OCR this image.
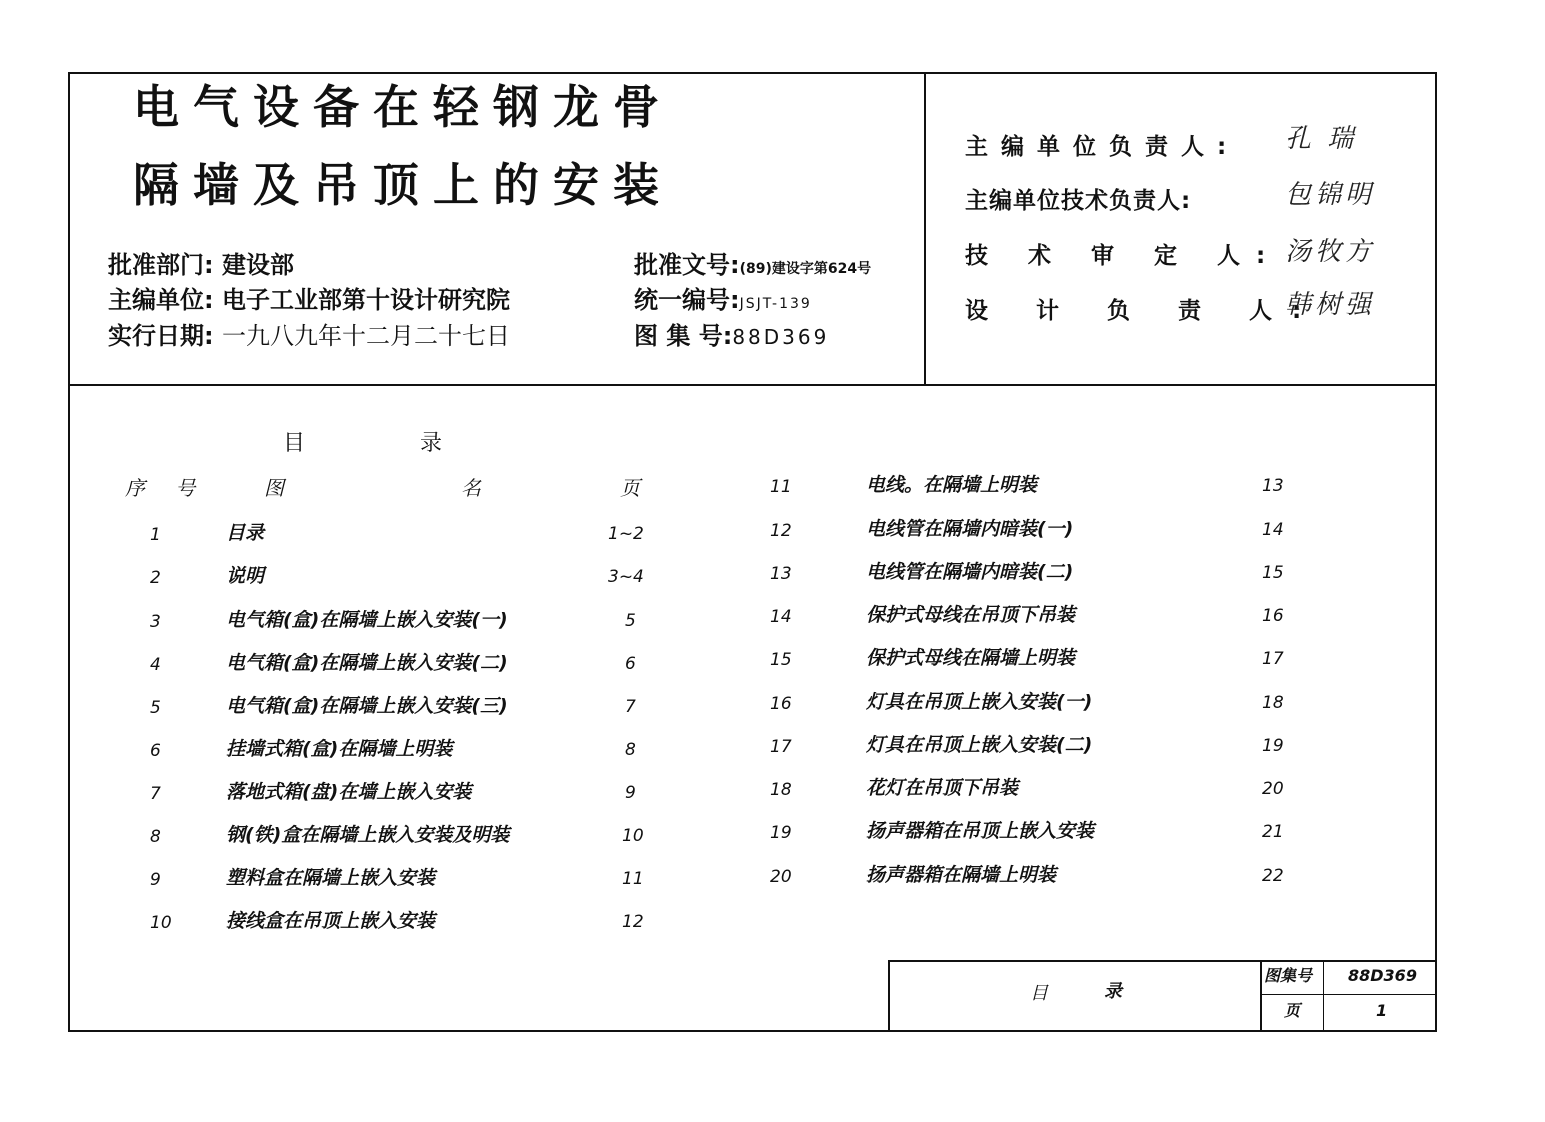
电气设备在轻钢龙骨
隔墙及吊顶上的安装
批准部门: 建设部
主编单位: 电子工业部第十设计研究院
实行日期: 一九八九年十二月二十七日
批准文号:(89)建设字第624号
统一编号:JSJT-139
图 集 号:88D369
主编单位负责人: 孔 瑞
主编单位技术负责人:	包锦明
技 术 审 定 人: 汤牧方
设 计 负 责 人:
韩树强
目	录
序 号	图	名	页
1	目录	1~2
2	说明	3~4
3	电气箱(盒)在隔墙上嵌入安装(一)	5
4	电气箱(盒)在隔墙上嵌入安装(二)	6
5	电气箱(盒)在隔墙上嵌入安装(三)	7
6	挂墙式箱(盒)在隔墙上明装	8
7	落地式箱(盘)在墙上嵌入安装	9
8	钢(铁)盒在隔墙上嵌入安装及明装	10
9	塑料盒在隔墙上嵌入安装	11
10	接线盒在吊顶上嵌入安装	12
11	电线。在隔墙上明装	13
12	电线管在隔墙内暗装(一)	14
13	电线管在隔墙内暗装(二)	15
14	保护式母线在吊顶下吊装	16
15	保护式母线在隔墙上明装	17
16	灯具在吊顶上嵌入安装(一)	18
17	灯具在吊顶上嵌入安装(二)	19
18	花灯在吊顶下吊装	20
19	扬声器箱在吊顶上嵌入安装	21
20	扬声器箱在隔墙上明装	22
目	录
图集号 88D369
页	1
